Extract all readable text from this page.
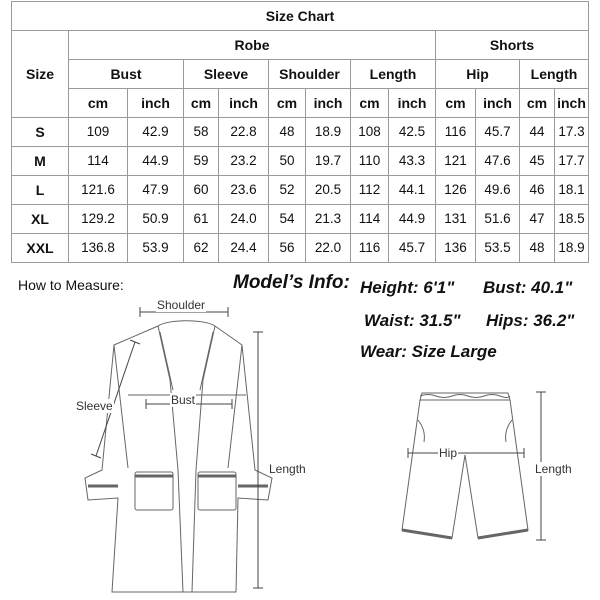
Size Chart												
Size	Robe								Shorts			
	Bust		Sleeve		Shoulder		Length		Hip		Length	
	cm	inch	cm	inch	cm	inch	cm	inch	cm	inch	cm	inch
S	109	42.9	58	22.8	48	18.9	108	42.5	116	45.7	44	17.3
M	114	44.9	59	23.2	50	19.7	110	43.3	121	47.6	45	17.7
L	121.6	47.9	60	23.6	52	20.5	112	44.1	126	49.6	46	18.1
XL	129.2	50.9	61	24.0	54	21.3	114	44.9	131	51.6	47	18.5
XXL	136.8	53.9	62	24.4	56	22.0	116	45.7	136	53.5	48	18.9
How to Measure:	Model’s Info: Height: 6'1" Bust: 40.1"
Waist: 31.5" Hips: 36.2"
Wear: Size Large
Shoulder
Sleeve	Bust
Length
Hip
Length
